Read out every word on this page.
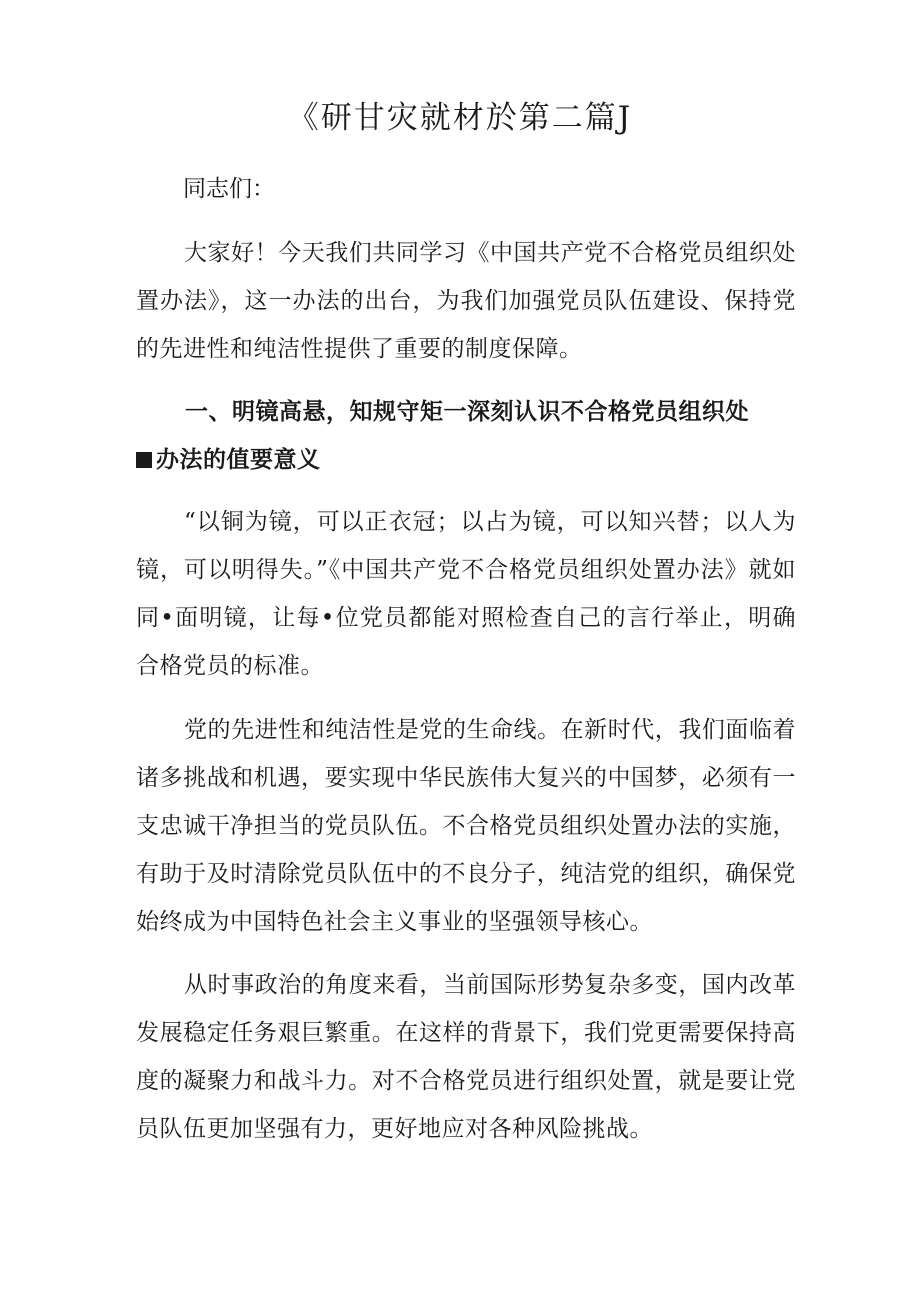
《研甘灾就材於第二篇J
同志们：
大家好！今天我们共同学习《中国共产党不合格党员组织处置办法》，这一办法的出台，为我们加强党员队伍建设、保持党的先进性和纯洁性提供了重要的制度保障。
一、明镜高悬，知规守矩一深刻认识不合格党员组织处
办法的值要意义
“以铜为镜，可以正衣冠；以占为镜，可以知兴替；以人为镜，可以明得失。”《中国共产党不合格党员组织处置办法》就如同•面明镜，让每•位党员都能对照检查自己的言行举止，明确合格党员的标准。
党的先进性和纯洁性是党的生命线。在新时代，我们面临着诸多挑战和机遇，要实现中华民族伟大复兴的中国梦，必须有一支忠诚干净担当的党员队伍。不合格党员组织处置办法的实施，有助于及时清除党员队伍中的不良分子，纯洁党的组织，确保党始终成为中国特色社会主义事业的坚强领导核心。
从时事政治的角度来看，当前国际形势复杂多变，国内改革发展稳定任务艰巨繁重。在这样的背景下，我们党更需要保持高度的凝聚力和战斗力。对不合格党员进行组织处置，就是要让党员队伍更加坚强有力，更好地应对各种风险挑战。
